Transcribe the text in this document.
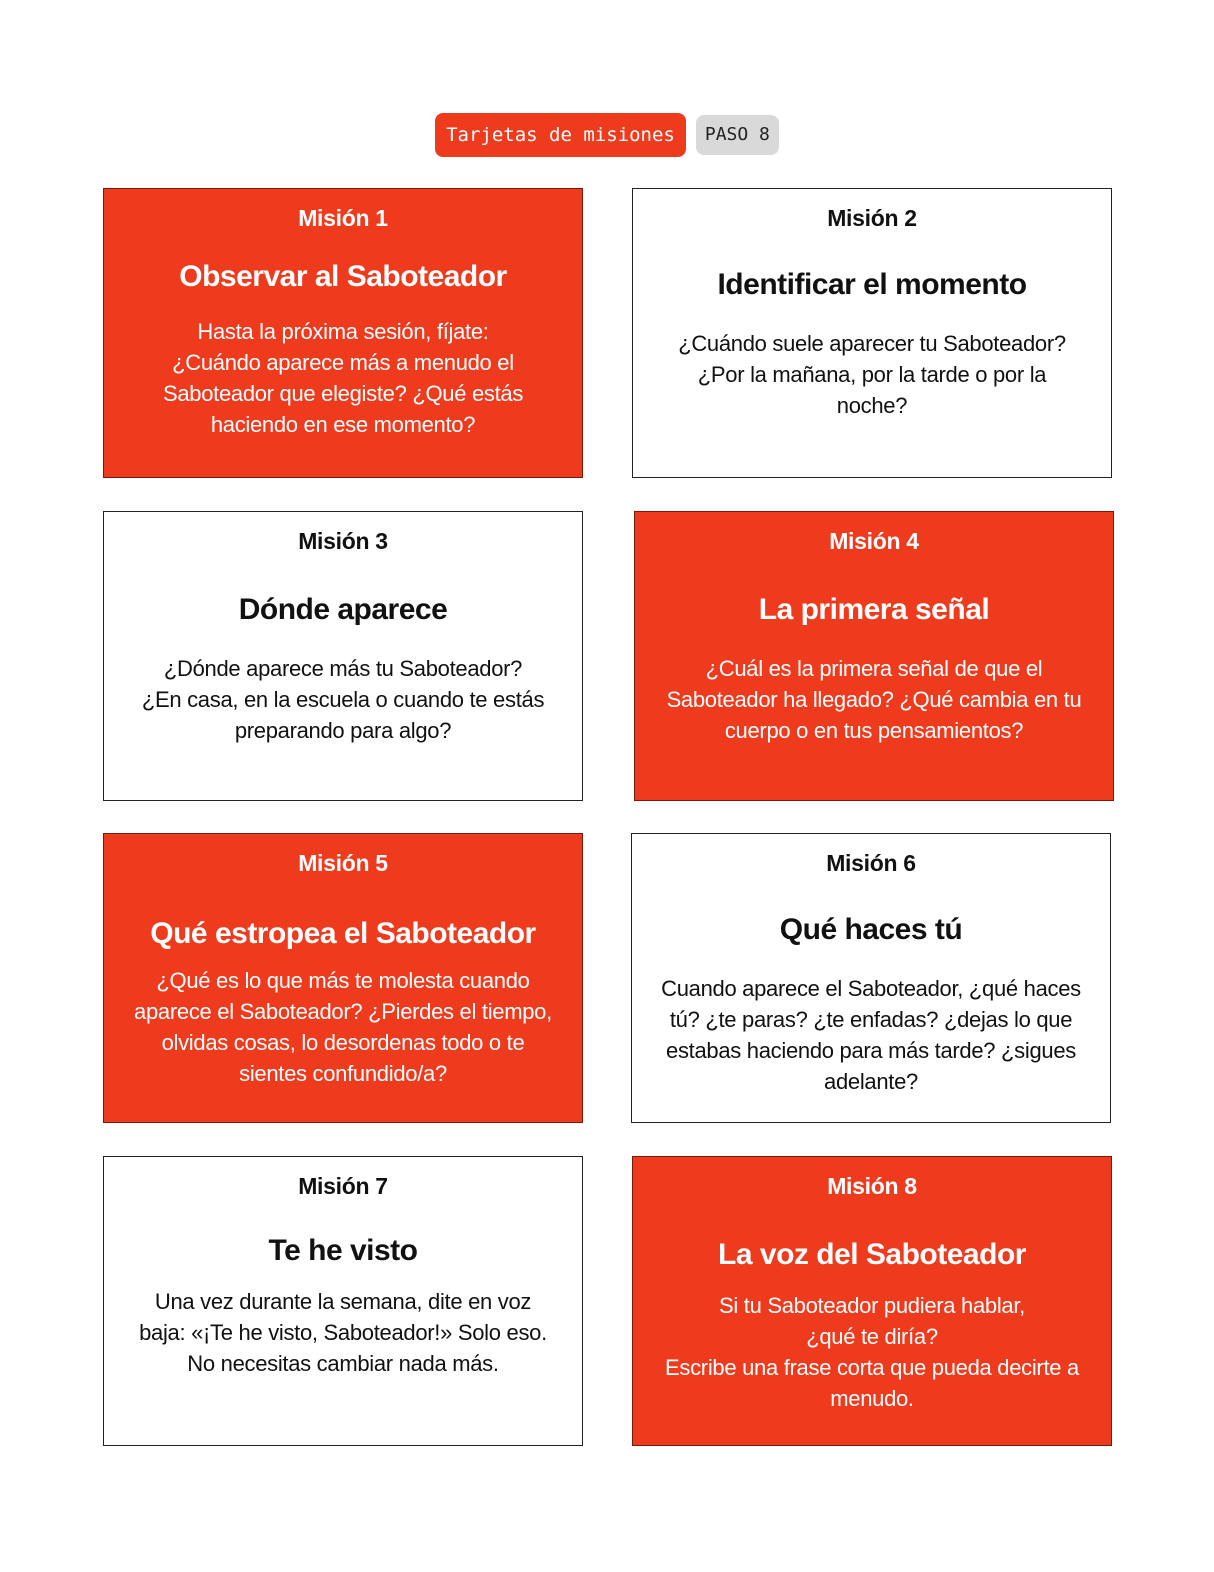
Tarjetas de misiones	PASO 8
Misión 1
Observar al Saboteador
Hasta la próxima sesión, fíjate:
¿Cuándo aparece más a menudo el Saboteador que elegiste? ¿Qué estás haciendo en ese momento?
Misión 2
Identificar el momento
¿Cuándo suele aparecer tu Saboteador?
¿Por la mañana, por la tarde o por la noche?
Misión 3
Dónde aparece
¿Dónde aparece más tu Saboteador?
¿En casa, en la escuela o cuando te estás preparando para algo?
Misión 4
La primera señal
¿Cuál es la primera señal de que el Saboteador ha llegado? ¿Qué cambia en tu cuerpo o en tus pensamientos?
Misión 5
Qué estropea el Saboteador
¿Qué es lo que más te molesta cuando aparece el Saboteador? ¿Pierdes el tiempo, olvidas cosas, lo desordenas todo o te sientes confundido/a?
Misión 6
Qué haces tú
Cuando aparece el Saboteador, ¿qué haces tú? ¿te paras? ¿te enfadas? ¿dejas lo que estabas haciendo para más tarde? ¿sigues adelante?
Misión 7
Te he visto
Una vez durante la semana, dite en voz baja: «¡Te he visto, Saboteador!» Solo eso.
No necesitas cambiar nada más.
Misión 8
La voz del Saboteador
Si tu Saboteador pudiera hablar,
¿qué te diría?
Escribe una frase corta que pueda decirte a menudo.
